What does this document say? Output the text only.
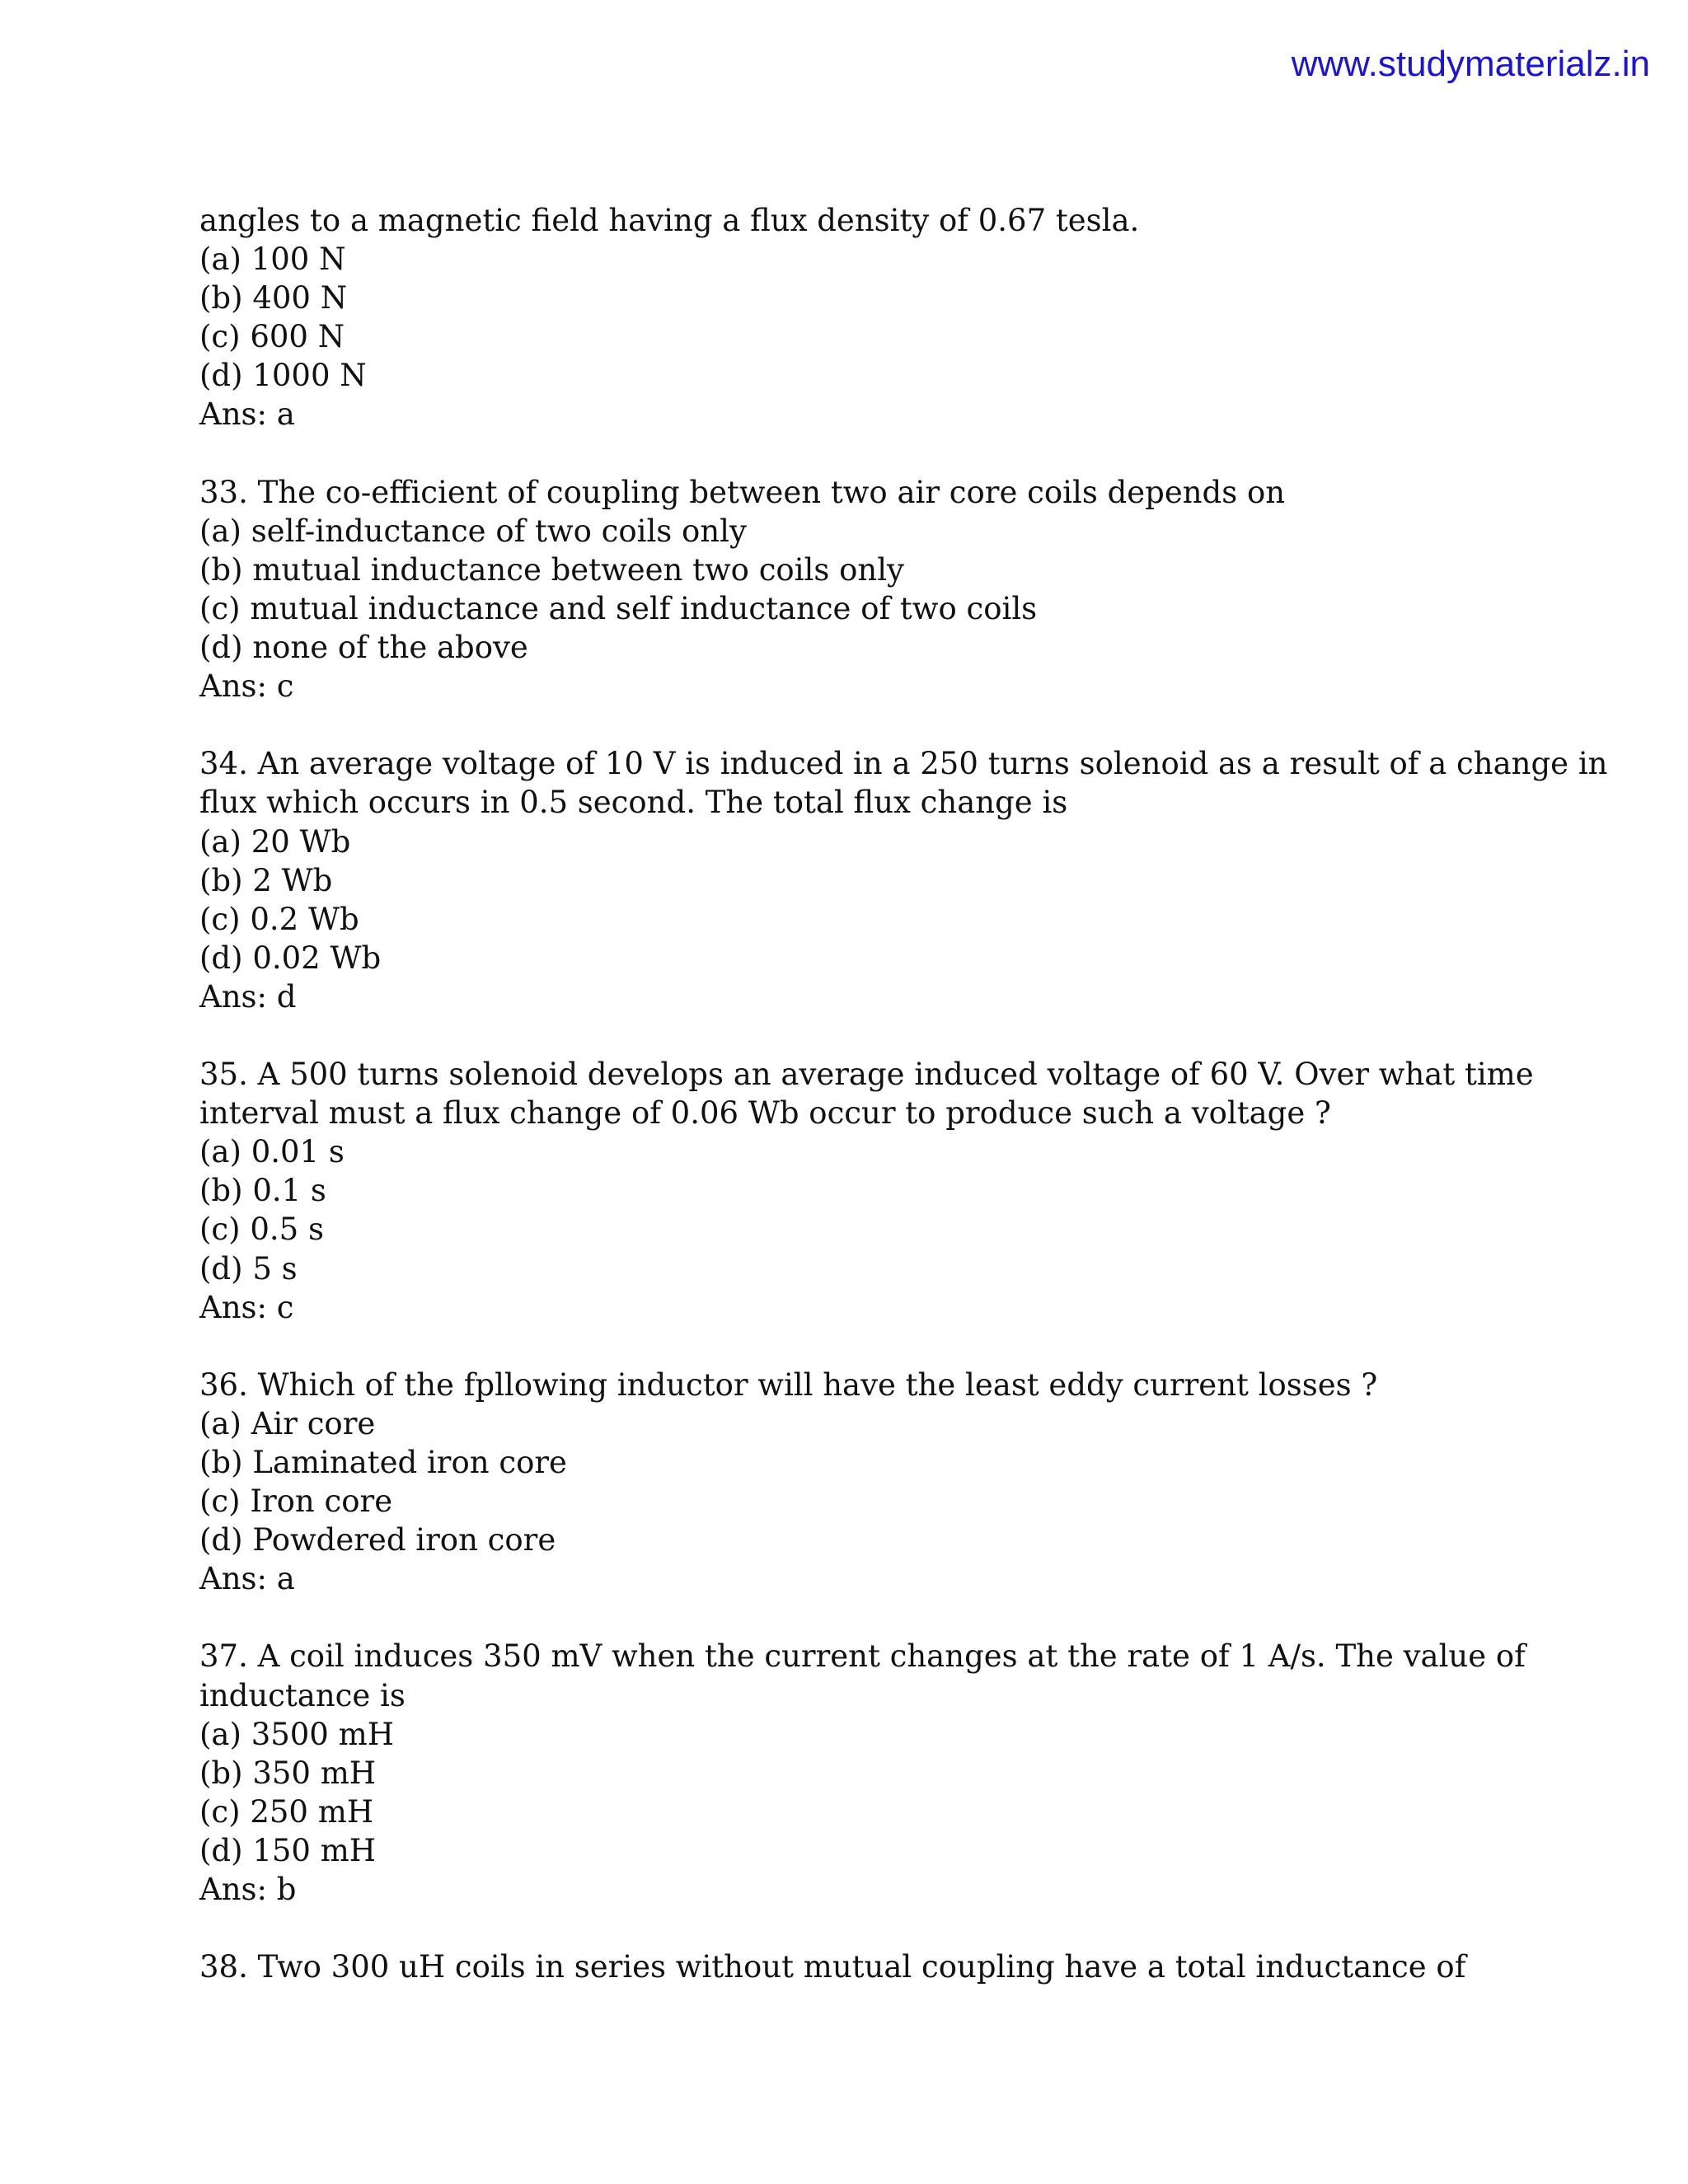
www.studymaterialz.in
angles to a magnetic field having a flux density of 0.67 tesla.
(a) 100 N
(b) 400 N
(c) 600 N
(d) 1000 N
Ans: a
33. The co-efficient of coupling between two air core coils depends on
(a) self-inductance of two coils only
(b) mutual inductance between two coils only
(c) mutual inductance and self inductance of two coils
(d) none of the above
Ans: c
34. An average voltage of 10 V is induced in a 250 turns solenoid as a result of a change in
flux which occurs in 0.5 second. The total flux change is
(a) 20 Wb
(b) 2 Wb
(c) 0.2 Wb
(d) 0.02 Wb
Ans: d
35. A 500 turns solenoid develops an average induced voltage of 60 V. Over what time
interval must a flux change of 0.06 Wb occur to produce such a voltage ?
(a) 0.01 s
(b) 0.1 s
(c) 0.5 s
(d) 5 s
Ans: c
36. Which of the fpllowing inductor will have the least eddy current losses ?
(a) Air core
(b) Laminated iron core
(c) Iron core
(d) Powdered iron core
Ans: a
37. A coil induces 350 mV when the current changes at the rate of 1 A/s. The value of
inductance is
(a) 3500 mH
(b) 350 mH
(c) 250 mH
(d) 150 mH
Ans: b
38. Two 300 uH coils in series without mutual coupling have a total inductance of
